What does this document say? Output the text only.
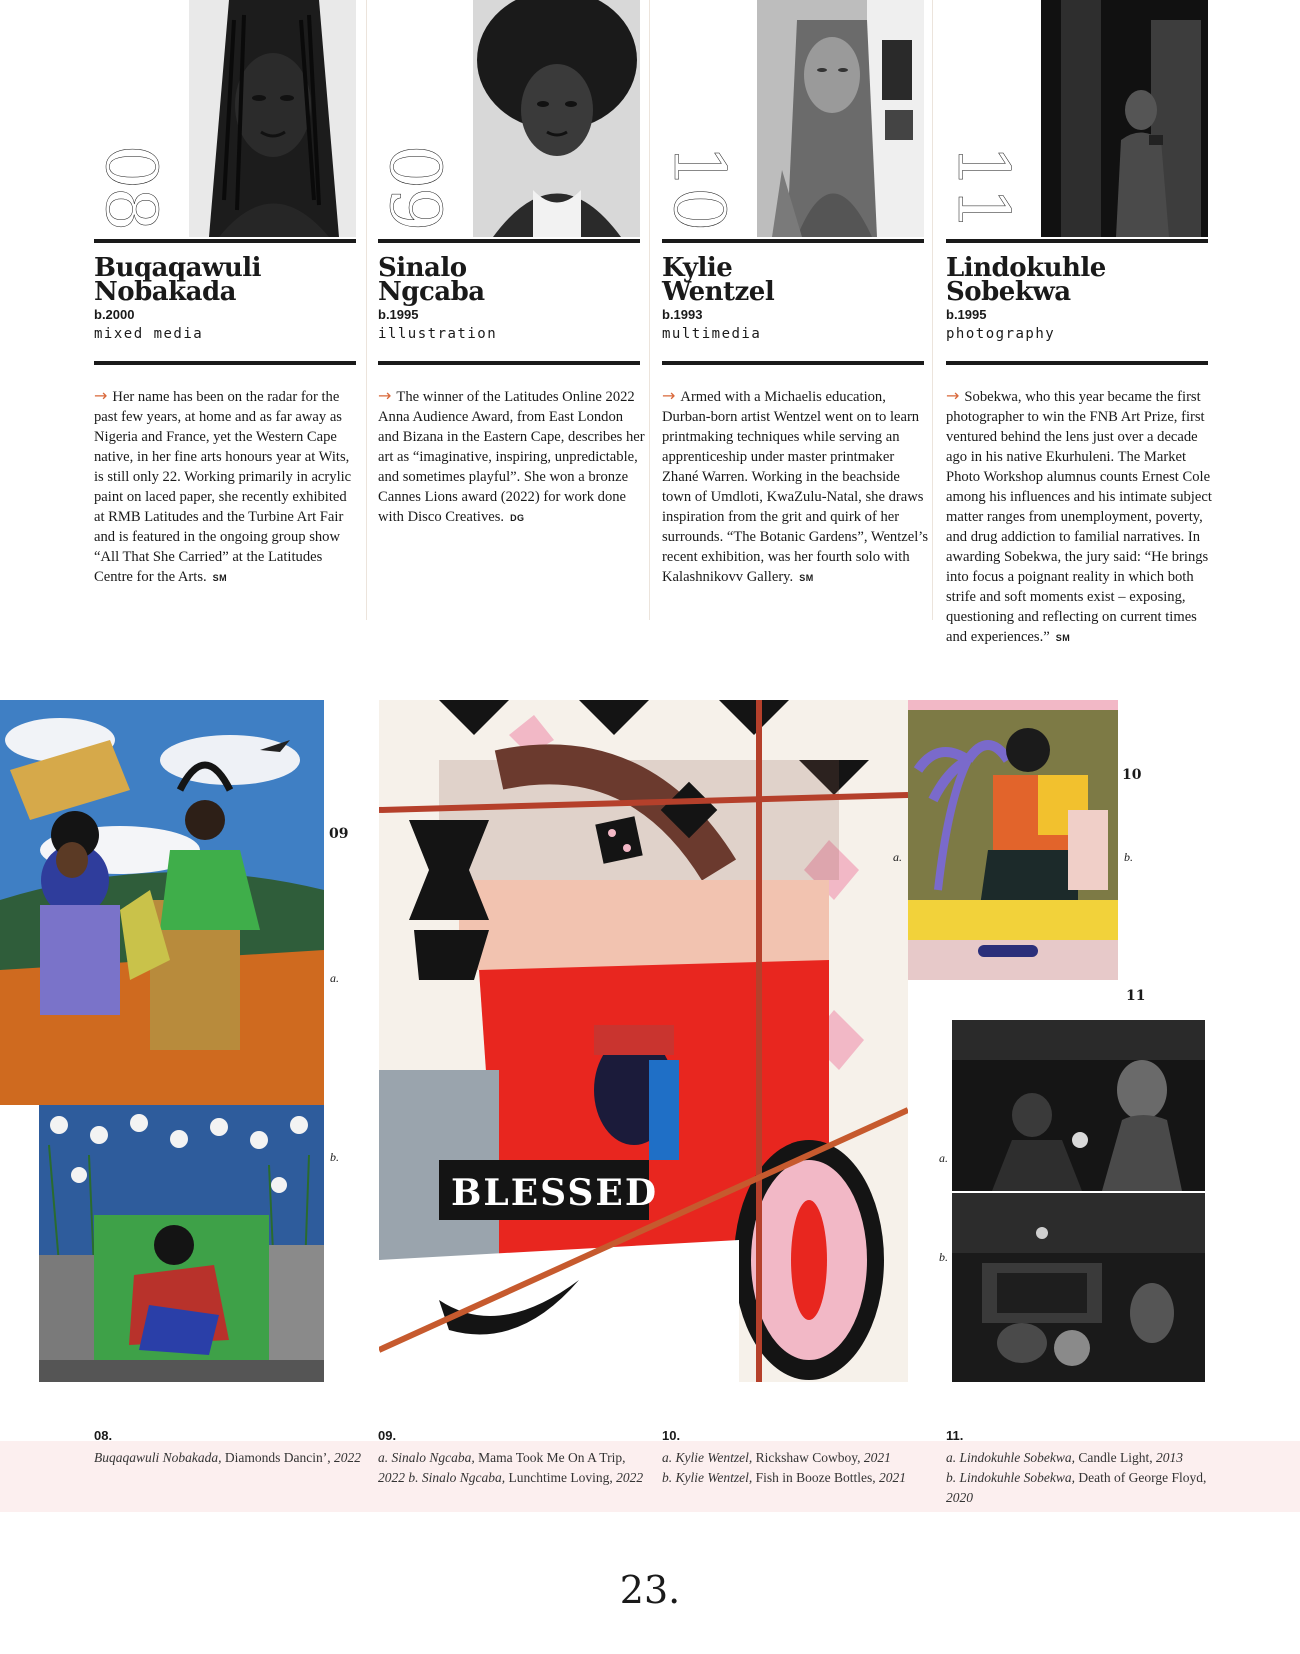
08
Buqaqawuli
Nobakada
b.2000
mixed media
→ Her name has been on the radar for the past few years, at home and as far away as Nigeria and France, yet the Western Cape native, in her fine arts honours year at Wits, is still only 22. Working primarily in acrylic paint on laced paper, she recently exhibited at RMB Latitudes and the Turbine Art Fair and is featured in the ongoing group show “All That She Carried” at the Latitudes Centre for the Arts. SM
09
Sinalo
Ngcaba
b.1995
illustration
→ The winner of the Latitudes Online 2022 Anna Audience Award, from East London and Bizana in the Eastern Cape, describes her art as “imaginative, inspiring, unpredictable, and sometimes playful”. She won a bronze Cannes Lions award (2022) for work done with Disco Creatives. DG
10
Kylie
Wentzel
b.1993
multimedia
→ Armed with a Michaelis education, Durban-born artist Wentzel went on to learn printmaking techniques while serving an apprenticeship under master printmaker Zhané Warren. Working in the beachside town of Umdloti, KwaZulu-Natal, she draws inspiration from the grit and quirk of her surrounds. “The Botanic Gardens”, Wentzel’s recent exhibition, was her fourth solo with Kalashnikovv Gallery. SM
11
Lindokuhle
Sobekwa
b.1995
photography
→ Sobekwa, who this year became the first photographer to win the FNB Art Prize, first ventured behind the lens just over a decade ago in his native Ekurhuleni. The Market Photo Workshop alumnus counts Ernest Cole among his influences and his intimate subject matter ranges from unemployment, poverty, and drug addiction to familial narratives. In awarding Sobekwa, the jury said: “He brings into focus a poignant reality in which both strife and soft moments exist – exposing, questioning and reflecting on current times and experiences.” SM
BLESSED
09
a.
b.
a.
10
b.
11
a.
b.
08.
Buqaqawuli Nobakada, Diamonds Dancin’, 2022
09.
a. Sinalo Ngcaba, Mama Took Me On A Trip, 2022 b. Sinalo Ngcaba, Lunchtime Loving, 2022
10.
a. Kylie Wentzel, Rickshaw Cowboy, 2021
b. Kylie Wentzel, Fish in Booze Bottles, 2021
11.
a. Lindokuhle Sobekwa, Candle Light, 2013
b. Lindokuhle Sobekwa, Death of George Floyd, 2020
23.
